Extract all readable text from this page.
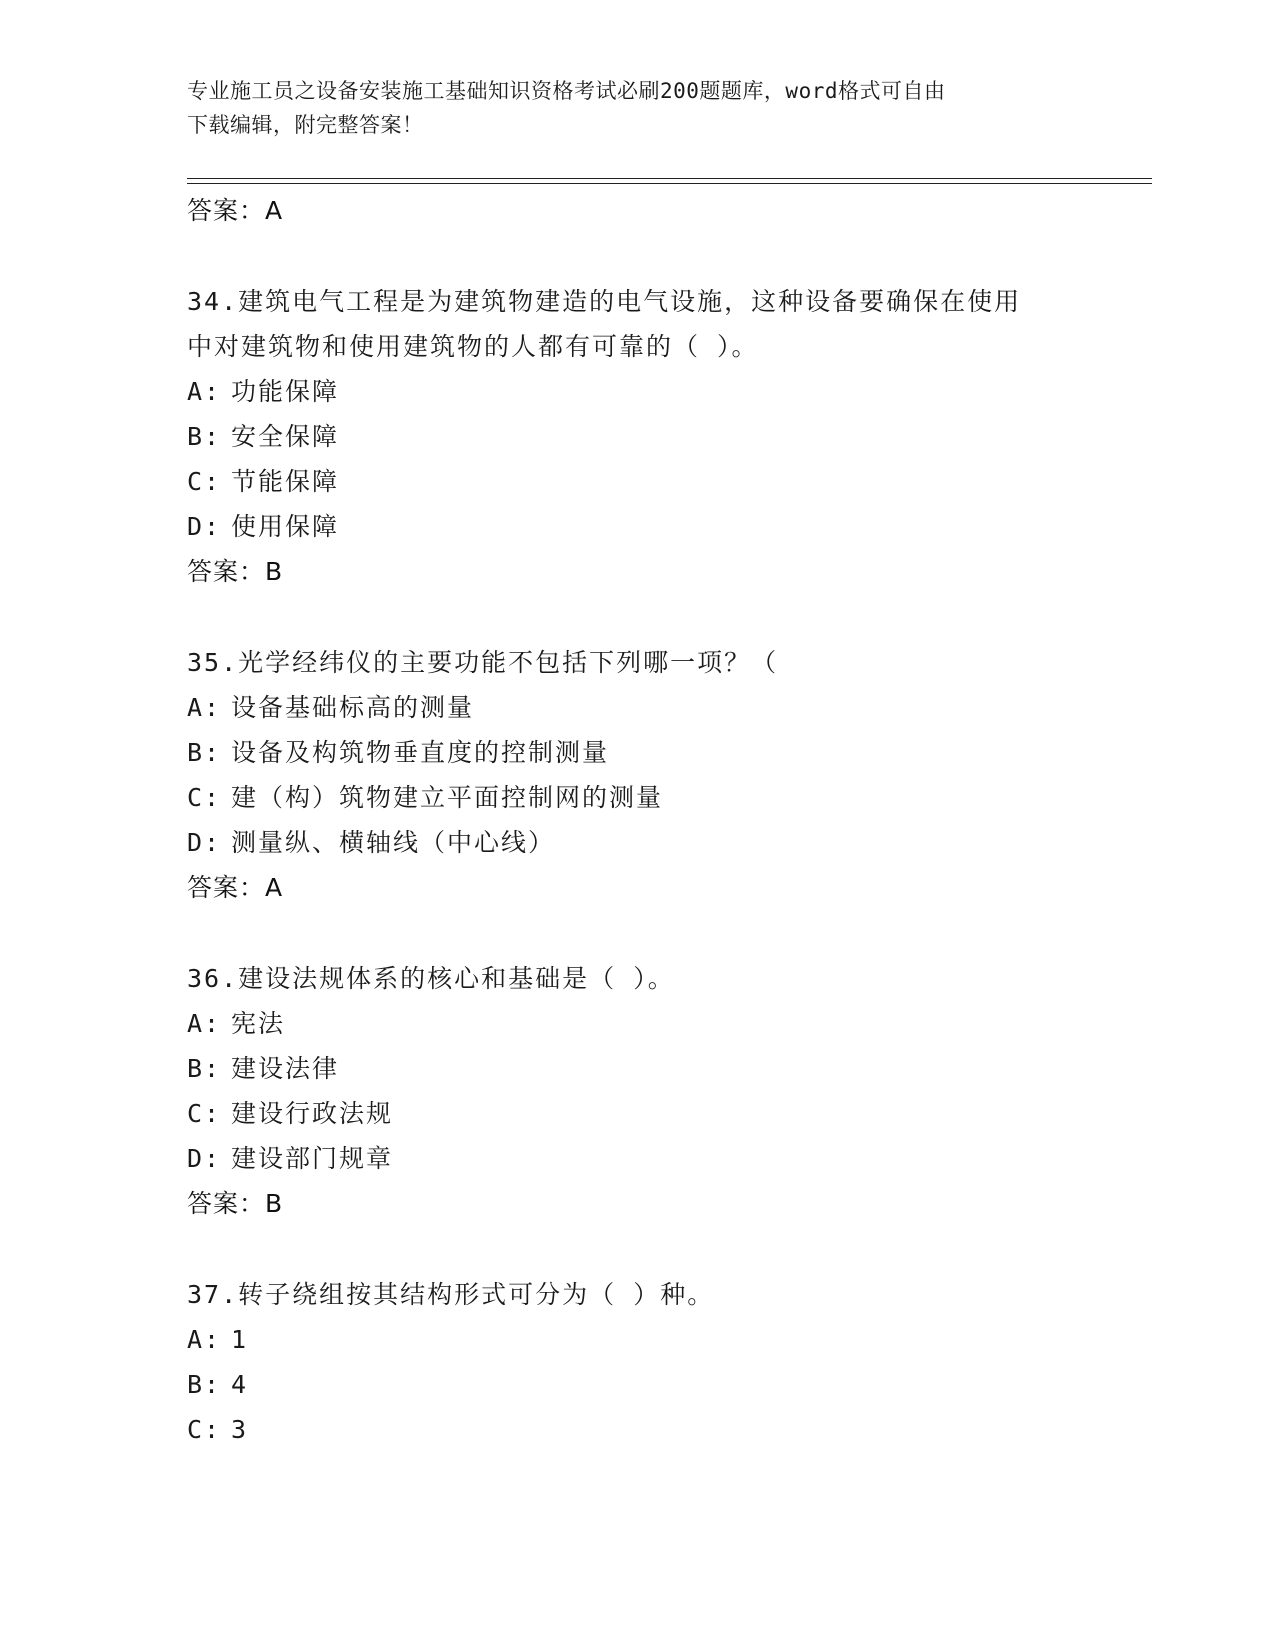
专业施工员之设备安装施工基础知识资格考试必刷200题题库，word格式可自由
下载编辑，附完整答案！
答案：A
34.建筑电气工程是为建筑物建造的电气设施，这种设备要确保在使用
中对建筑物和使用建筑物的人都有可靠的（ ）。
A: 功能保障
B: 安全保障
C: 节能保障
D: 使用保障
答案：B
35.光学经纬仪的主要功能不包括下列哪一项？（
A: 设备基础标高的测量
B: 设备及构筑物垂直度的控制测量
C: 建（构）筑物建立平面控制网的测量
D: 测量纵、横轴线（中心线）
答案：A
36.建设法规体系的核心和基础是（ ）。
A: 宪法
B: 建设法律
C: 建设行政法规
D: 建设部门规章
答案：B
37.转子绕组按其结构形式可分为（ ）种。
A: 1
B: 4
C: 3
